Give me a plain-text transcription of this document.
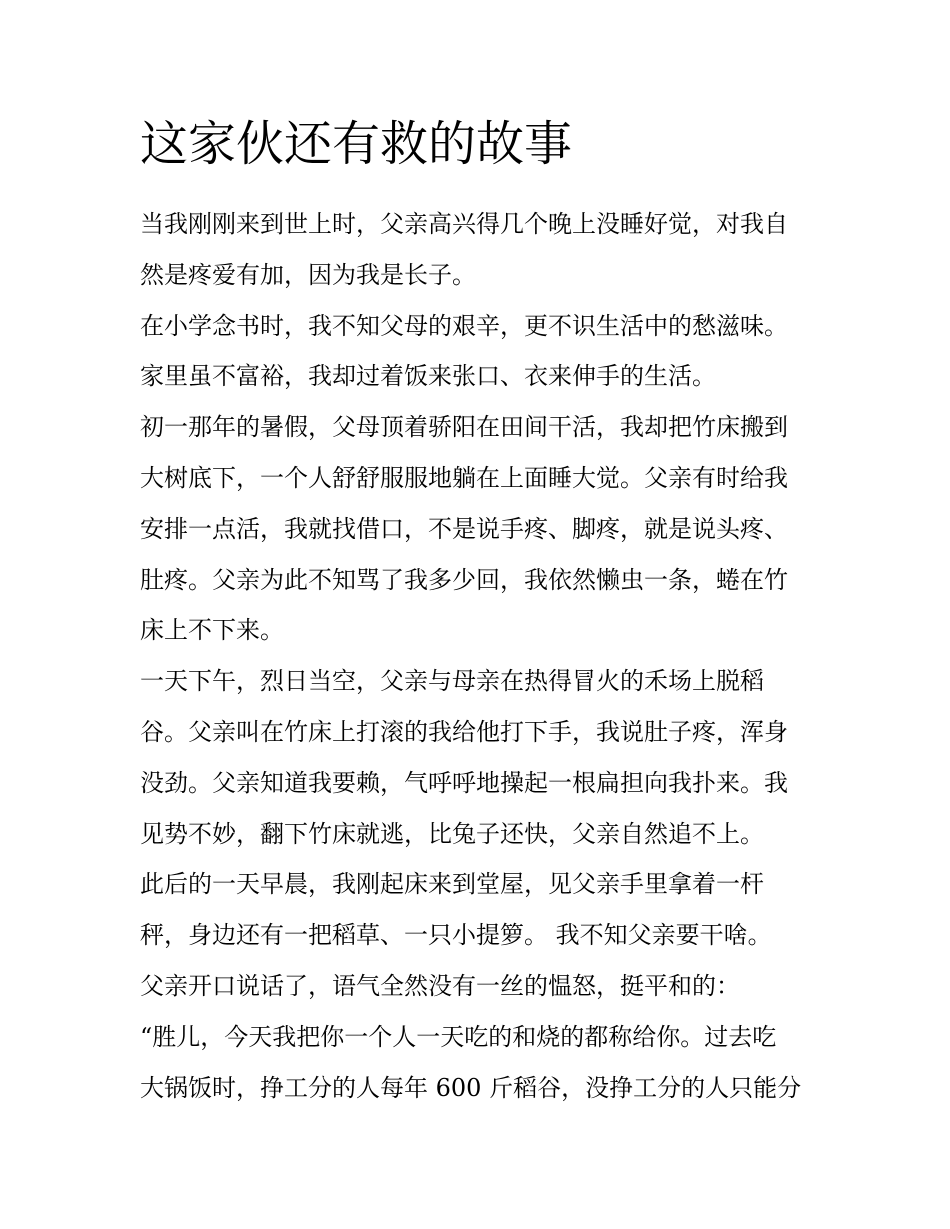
这家伙还有救的故事
当我刚刚来到世上时，父亲高兴得几个晚上没睡好觉，对我自
然是疼爱有加，因为我是长子。
在小学念书时，我不知父母的艰辛，更不识生活中的愁滋味。
家里虽不富裕，我却过着饭来张口、衣来伸手的生活。
初一那年的暑假，父母顶着骄阳在田间干活，我却把竹床搬到
大树底下，一个人舒舒服服地躺在上面睡大觉。父亲有时给我
安排一点活，我就找借口，不是说手疼、脚疼，就是说头疼、
肚疼。父亲为此不知骂了我多少回，我依然懒虫一条，蜷在竹
床上不下来。
一天下午，烈日当空，父亲与母亲在热得冒火的禾场上脱稻
谷。父亲叫在竹床上打滚的我给他打下手，我说肚子疼，浑身
没劲。父亲知道我要赖，气呼呼地操起一根扁担向我扑来。我
见势不妙，翻下竹床就逃，比兔子还快，父亲自然追不上。
此后的一天早晨，我刚起床来到堂屋，见父亲手里拿着一杆
秤，身边还有一把稻草、一只小提箩。 我不知父亲要干啥。
父亲开口说话了，语气全然没有一丝的愠怒，挺平和的：
“胜儿，今天我把你一个人一天吃的和烧的都称给你。过去吃
大锅饭时，挣工分的人每年 600 斤稻谷，没挣工分的人只能分
